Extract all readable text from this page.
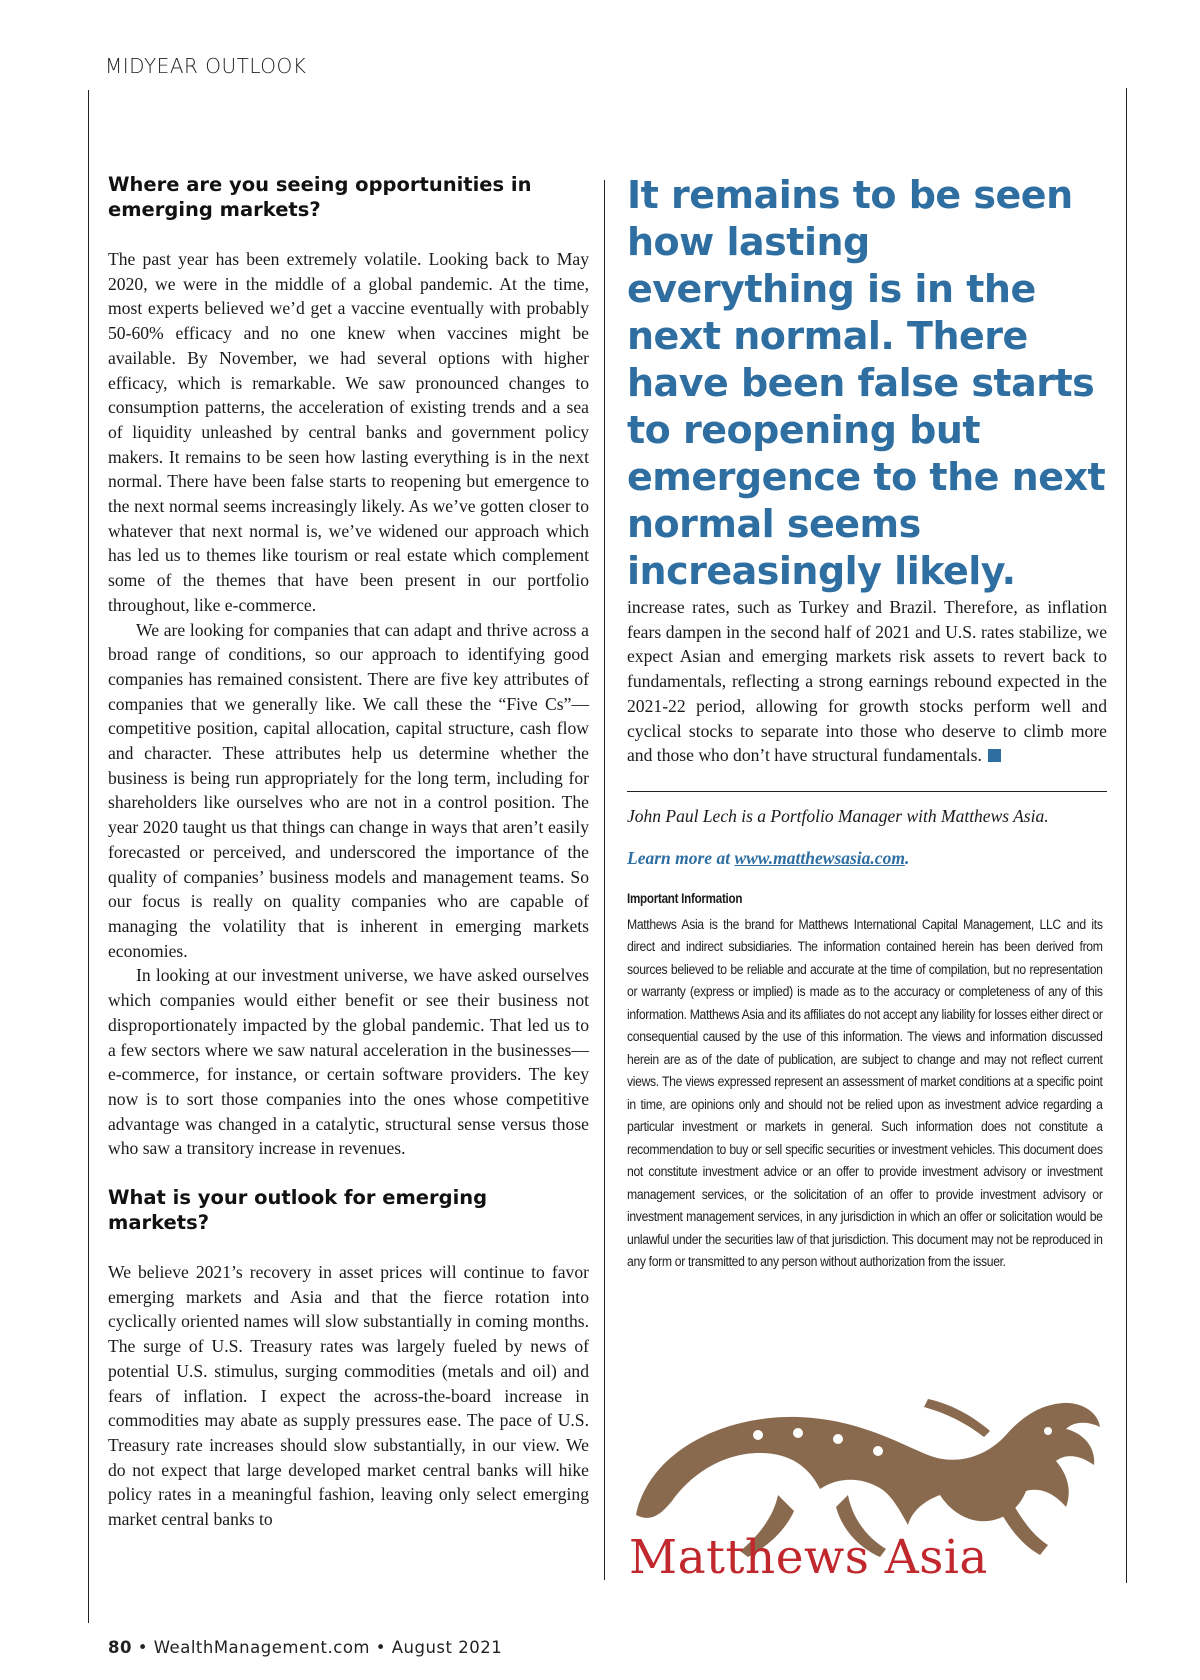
MIDYEAR OUTLOOK
Where are you seeing opportunities in emerging markets?

The past year has been extremely volatile. Looking back to May 2020, we were in the middle of a global pandemic. At the time, most experts believed we’d get a vaccine eventually with probably 50-60% efficacy and no one knew when vaccines might be available. By November, we had several options with higher efficacy, which is remarkable. We saw pronounced changes to consumption patterns, the acceleration of existing trends and a sea of liquidity unleashed by central banks and government policy makers. It remains to be seen how lasting everything is in the next normal. There have been false starts to reopening but emergence to the next normal seems increasingly likely. As we’ve gotten closer to whatever that next normal is, we’ve widened our approach which has led us to themes like tourism or real estate which complement some of the themes that have been present in our portfolio throughout, like e-commerce.

We are looking for companies that can adapt and thrive across a broad range of conditions, so our approach to identifying good companies has remained consistent. There are five key attributes of companies that we generally like. We call these the “Five Cs”—competitive position, capital allocation, capital structure, cash flow and character. These attributes help us determine whether the business is being run appropriately for the long term, including for shareholders like ourselves who are not in a control position. The year 2020 taught us that things can change in ways that aren’t easily forecasted or perceived, and underscored the importance of the quality of companies’ business models and management teams. So our focus is really on quality companies who are capable of managing the volatility that is inherent in emerging markets economies.

In looking at our investment universe, we have asked ourselves which companies would either benefit or see their business not disproportionately impacted by the global pandemic. That led us to a few sectors where we saw natural acceleration in the businesses—e-commerce, for instance, or certain software providers. The key now is to sort those companies into the ones whose competitive advantage was changed in a catalytic, structural sense versus those who saw a transitory increase in revenues.

What is your outlook for emerging markets?

We believe 2021’s recovery in asset prices will continue to favor emerging markets and Asia and that the fierce rotation into cyclically oriented names will slow substantially in coming months. The surge of U.S. Treasury rates was largely fueled by news of potential U.S. stimulus, surging commodities (metals and oil) and fears of inflation. I expect the across-the-board increase in commodities may abate as supply pressures ease. The pace of U.S. Treasury rate increases should slow substantially, in our view. We do not expect that large developed market central banks will hike policy rates in a meaningful fashion, leaving only select emerging market central banks to

It remains to be seen how lasting everything is in the next normal. There have been false starts to reopening but emergence to the next normal seems increasingly likely.

increase rates, such as Turkey and Brazil. Therefore, as inflation fears dampen in the second half of 2021 and U.S. rates stabilize, we expect Asian and emerging markets risk assets to revert back to fundamentals, reflecting a strong earnings rebound expected in the 2021-22 period, allowing for growth stocks perform well and cyclical stocks to separate into those who deserve to climb more and those who don’t have structural fundamentals.

John Paul Lech is a Portfolio Manager with Matthews Asia.

Learn more at www.matthewsasia.com.

Important Information

Matthews Asia is the brand for Matthews International Capital Management, LLC and its direct and indirect subsidiaries. The information contained herein has been derived from sources believed to be reliable and accurate at the time of compilation, but no representation or warranty (express or implied) is made as to the accuracy or completeness of any of this information. Matthews Asia and its affiliates do not accept any liability for losses either direct or consequential caused by the use of this information. The views and information discussed herein are as of the date of publication, are subject to change and may not reflect current views. The views expressed represent an assessment of market conditions at a specific point in time, are opinions only and should not be relied upon as investment advice regarding a particular investment or markets in general. Such information does not constitute a recommendation to buy or sell specific securities or investment vehicles. This document does not constitute investment advice or an offer to provide investment advisory or investment management services, or the solicitation of an offer to provide investment advisory or investment management services, in any jurisdiction in which an offer or solicitation would be unlawful under the securities law of that jurisdiction. This document may not be reproduced in any form or transmitted to any person without authorization from the issuer.

Matthews Asia
80 • WealthManagement.com • August 2021
